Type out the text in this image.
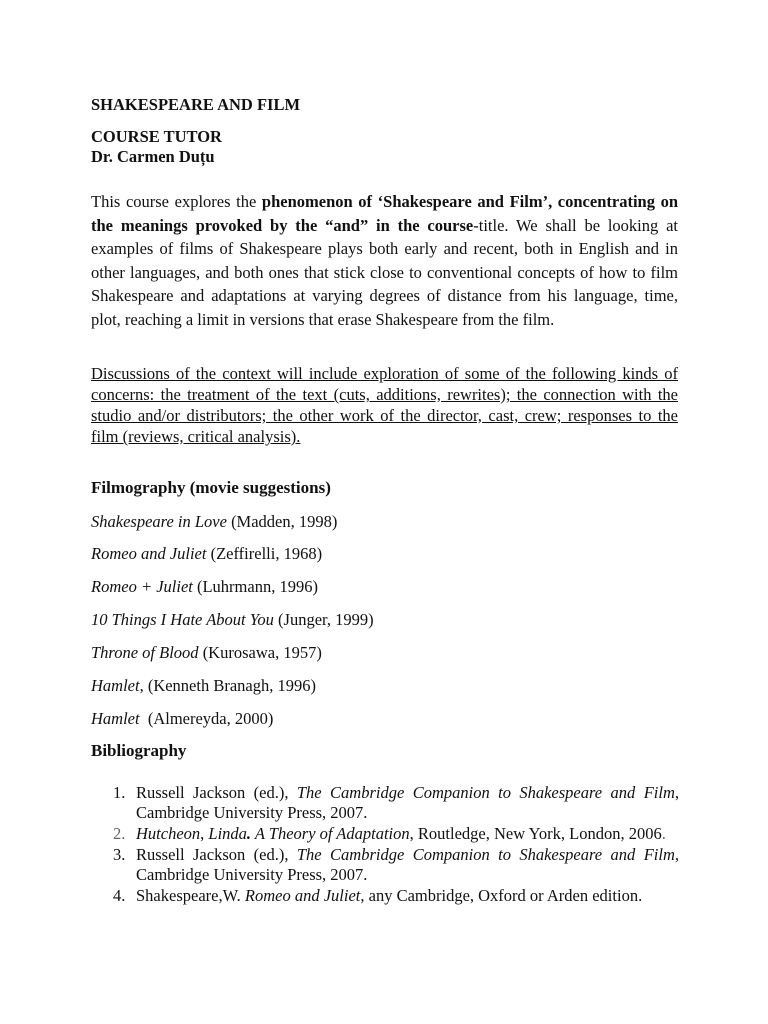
SHAKESPEARE AND FILM
COURSE TUTOR
Dr. Carmen Duțu

This course explores the phenomenon of ‘Shakespeare and Film’, concentrating on the meanings provoked by the “and” in the course-title. We shall be looking at examples of films of Shakespeare plays both early and recent, both in English and in other languages, and both ones that stick close to conventional concepts of how to film Shakespeare and adaptations at varying degrees of distance from his language, time, plot, reaching a limit in versions that erase Shakespeare from the film.

Discussions of the context will include exploration of some of the following kinds of concerns: the treatment of the text (cuts, additions, rewrites); the connection with the studio and/or distributors; the other work of the director, cast, crew; responses to the film (reviews, critical analysis).

Filmography (movie suggestions)
Shakespeare in Love (Madden, 1998)
Romeo and Juliet (Zeffirelli, 1968)
Romeo + Juliet (Luhrmann, 1996)
10 Things I Hate About You (Junger, 1999)
Throne of Blood (Kurosawa, 1957)
Hamlet, (Kenneth Branagh, 1996)
Hamlet  (Almereyda, 2000)
Bibliography
1. Russell Jackson (ed.), The Cambridge Companion to Shakespeare and Film, Cambridge University Press, 2007.
2. Hutcheon, Linda. A Theory of Adaptation, Routledge, New York, London, 2006.
3. Russell Jackson (ed.), The Cambridge Companion to Shakespeare and Film, Cambridge University Press, 2007.
4. Shakespeare,W. Romeo and Juliet, any Cambridge, Oxford or Arden edition.
